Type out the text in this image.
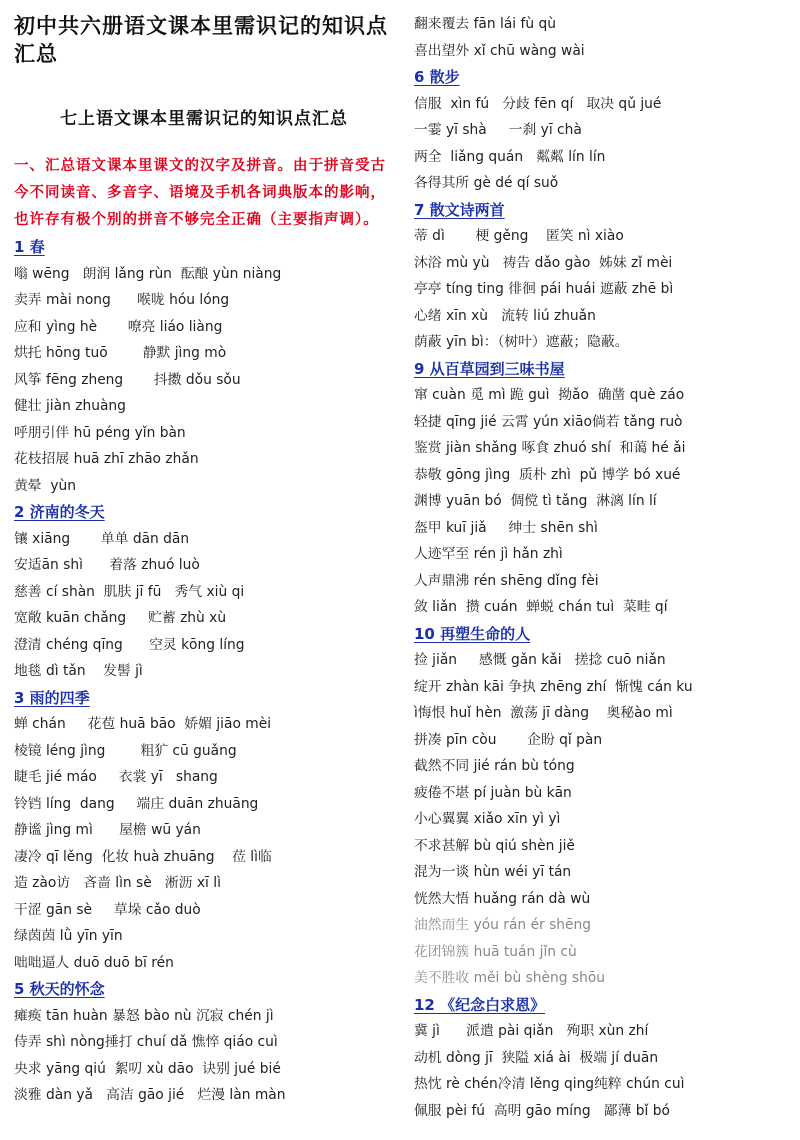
初中共六册语文课本里需识记的知识点汇总
七上语文课本里需识记的知识点汇总
一、汇总语文课本里课文的汉字及拼音。由于拼音受古今不同读音、多音字、语境及手机各词典版本的影响，也许存有极个别的拼音不够完全正确（主要指声调）。
1 春
嗡 wēng   朗润 lǎng rùn  酝酿 yùn niàng
卖弄 mài nong      喉咙 hóu lóng
应和 yìng hè       嘹亮 liáo liàng
烘托 hōng tuō        静默 jìng mò
风筝 fēng zheng       抖擞 dǒu sǒu
健壮 jiàn zhuàng
呼朋引伴 hū péng yǐn bàn
花枝招展 huā zhī zhāo zhǎn
黄晕  yùn
2 济南的冬天
镶 xiāng       单单 dān dān
安适ān shì      着落 zhuó luò
慈善 cí shàn  肌肤 jī fū   秀气 xiù qi
宽敞 kuān chǎng     贮蓄 zhù xù
澄清 chéng qīng      空灵 kōng líng
地毯 dì tǎn    发髻 jì
3 雨的四季
蝉 chán     花苞 huā bāo  娇媚 jiāo mèi
棱镜 léng jìng        粗犷 cū guǎng
睫毛 jié máo     衣裳 yī   shang
铃铛 líng  dang     端庄 duān zhuāng
静谧 jìng mì      屋檐 wū yán
凄冷 qī lěng  化妆 huà zhuāng    莅 lì临
造 zào访   吝啬 lìn sè   淅沥 xī lì
干涩 gān sè     草垛 cǎo duò
绿茵茵 lǜ yīn yīn
咄咄逼人 duō duō bī rén
5 秋天的怀念
瘫痪 tān huàn 暴怒 bào nù 沉寂 chén jì
侍弄 shì nòng捶打 chuí dǎ 憔悴 qiáo cuì
央求 yāng qiú  絮叨 xù dāo  诀别 jué bié
淡雅 dàn yǎ   高洁 gāo jié   烂漫 làn màn
翻来覆去 fān lái fù qù
喜出望外 xǐ chū wàng wài
6 散步
信服  xìn fú   分歧 fēn qí   取决 qǔ jué
一霎 yī shà     一刹 yī chà
两全  liǎng quán   粼粼 lín lín
各得其所 gè dé qí suǒ
7 散文诗两首
蒂 dì       梗 gěng    匿笑 nì xiào
沐浴 mù yù   祷告 dǎo gào  姊妹 zǐ mèi
亭亭 tíng ting 徘徊 pái huái 遮蔽 zhē bì
心绪 xīn xù   流转 liú zhuǎn
荫蔽 yīn bì：（树叶）遮蔽；隐蔽。
9 从百草园到三味书屋
窜 cuàn 觅 mì 跪 guì  拗ǎo  确凿 què záo
轻捷 qīng jié 云霄 yún xiāo倘若 tǎng ruò
鉴赏 jiàn shǎng 啄食 zhuó shí  和蔼 hé ǎi
恭敬 gōng jìng  质朴 zhì  pǔ 博学 bó xué
渊博 yuān bó  倜傥 tì tǎng  淋漓 lín lí
盔甲 kuī jiǎ     绅士 shēn shì
人迹罕至 rén jì hǎn zhì
人声鼎沸 rén shēng dǐng fèi
敛 liǎn  攒 cuán  蝉蜕 chán tuì  菜畦 qí
10 再塑生命的人
捡 jiǎn     感慨 gǎn kǎi   搓捻 cuō niǎn
绽开 zhàn kāi 争执 zhēng zhí  惭愧 cán ku
ì悔恨 huǐ hèn  激荡 jī dàng    奥秘ào mì
拼凑 pīn còu       企盼 qǐ pàn
截然不同 jié rán bù tóng
疲倦不堪 pí juàn bù kān
小心翼翼 xiǎo xīn yì yì
不求甚解 bù qiú shèn jiě
混为一谈 hùn wéi yī tán
恍然大悟 huǎng rán dà wù
油然而生 yóu rán ér shēng
花团锦簇 huā tuán jǐn cù
美不胜收 měi bù shèng shōu
12 《纪念白求恩》
冀 jì      派遣 pài qiǎn   殉职 xùn zhí
动机 dòng jī  狭隘 xiá ài  极端 jí duān
热忱 rè chén冷清 lěng qing纯粹 chún cuì
佩服 pèi fú  高明 gāo míng   鄙薄 bǐ bó
